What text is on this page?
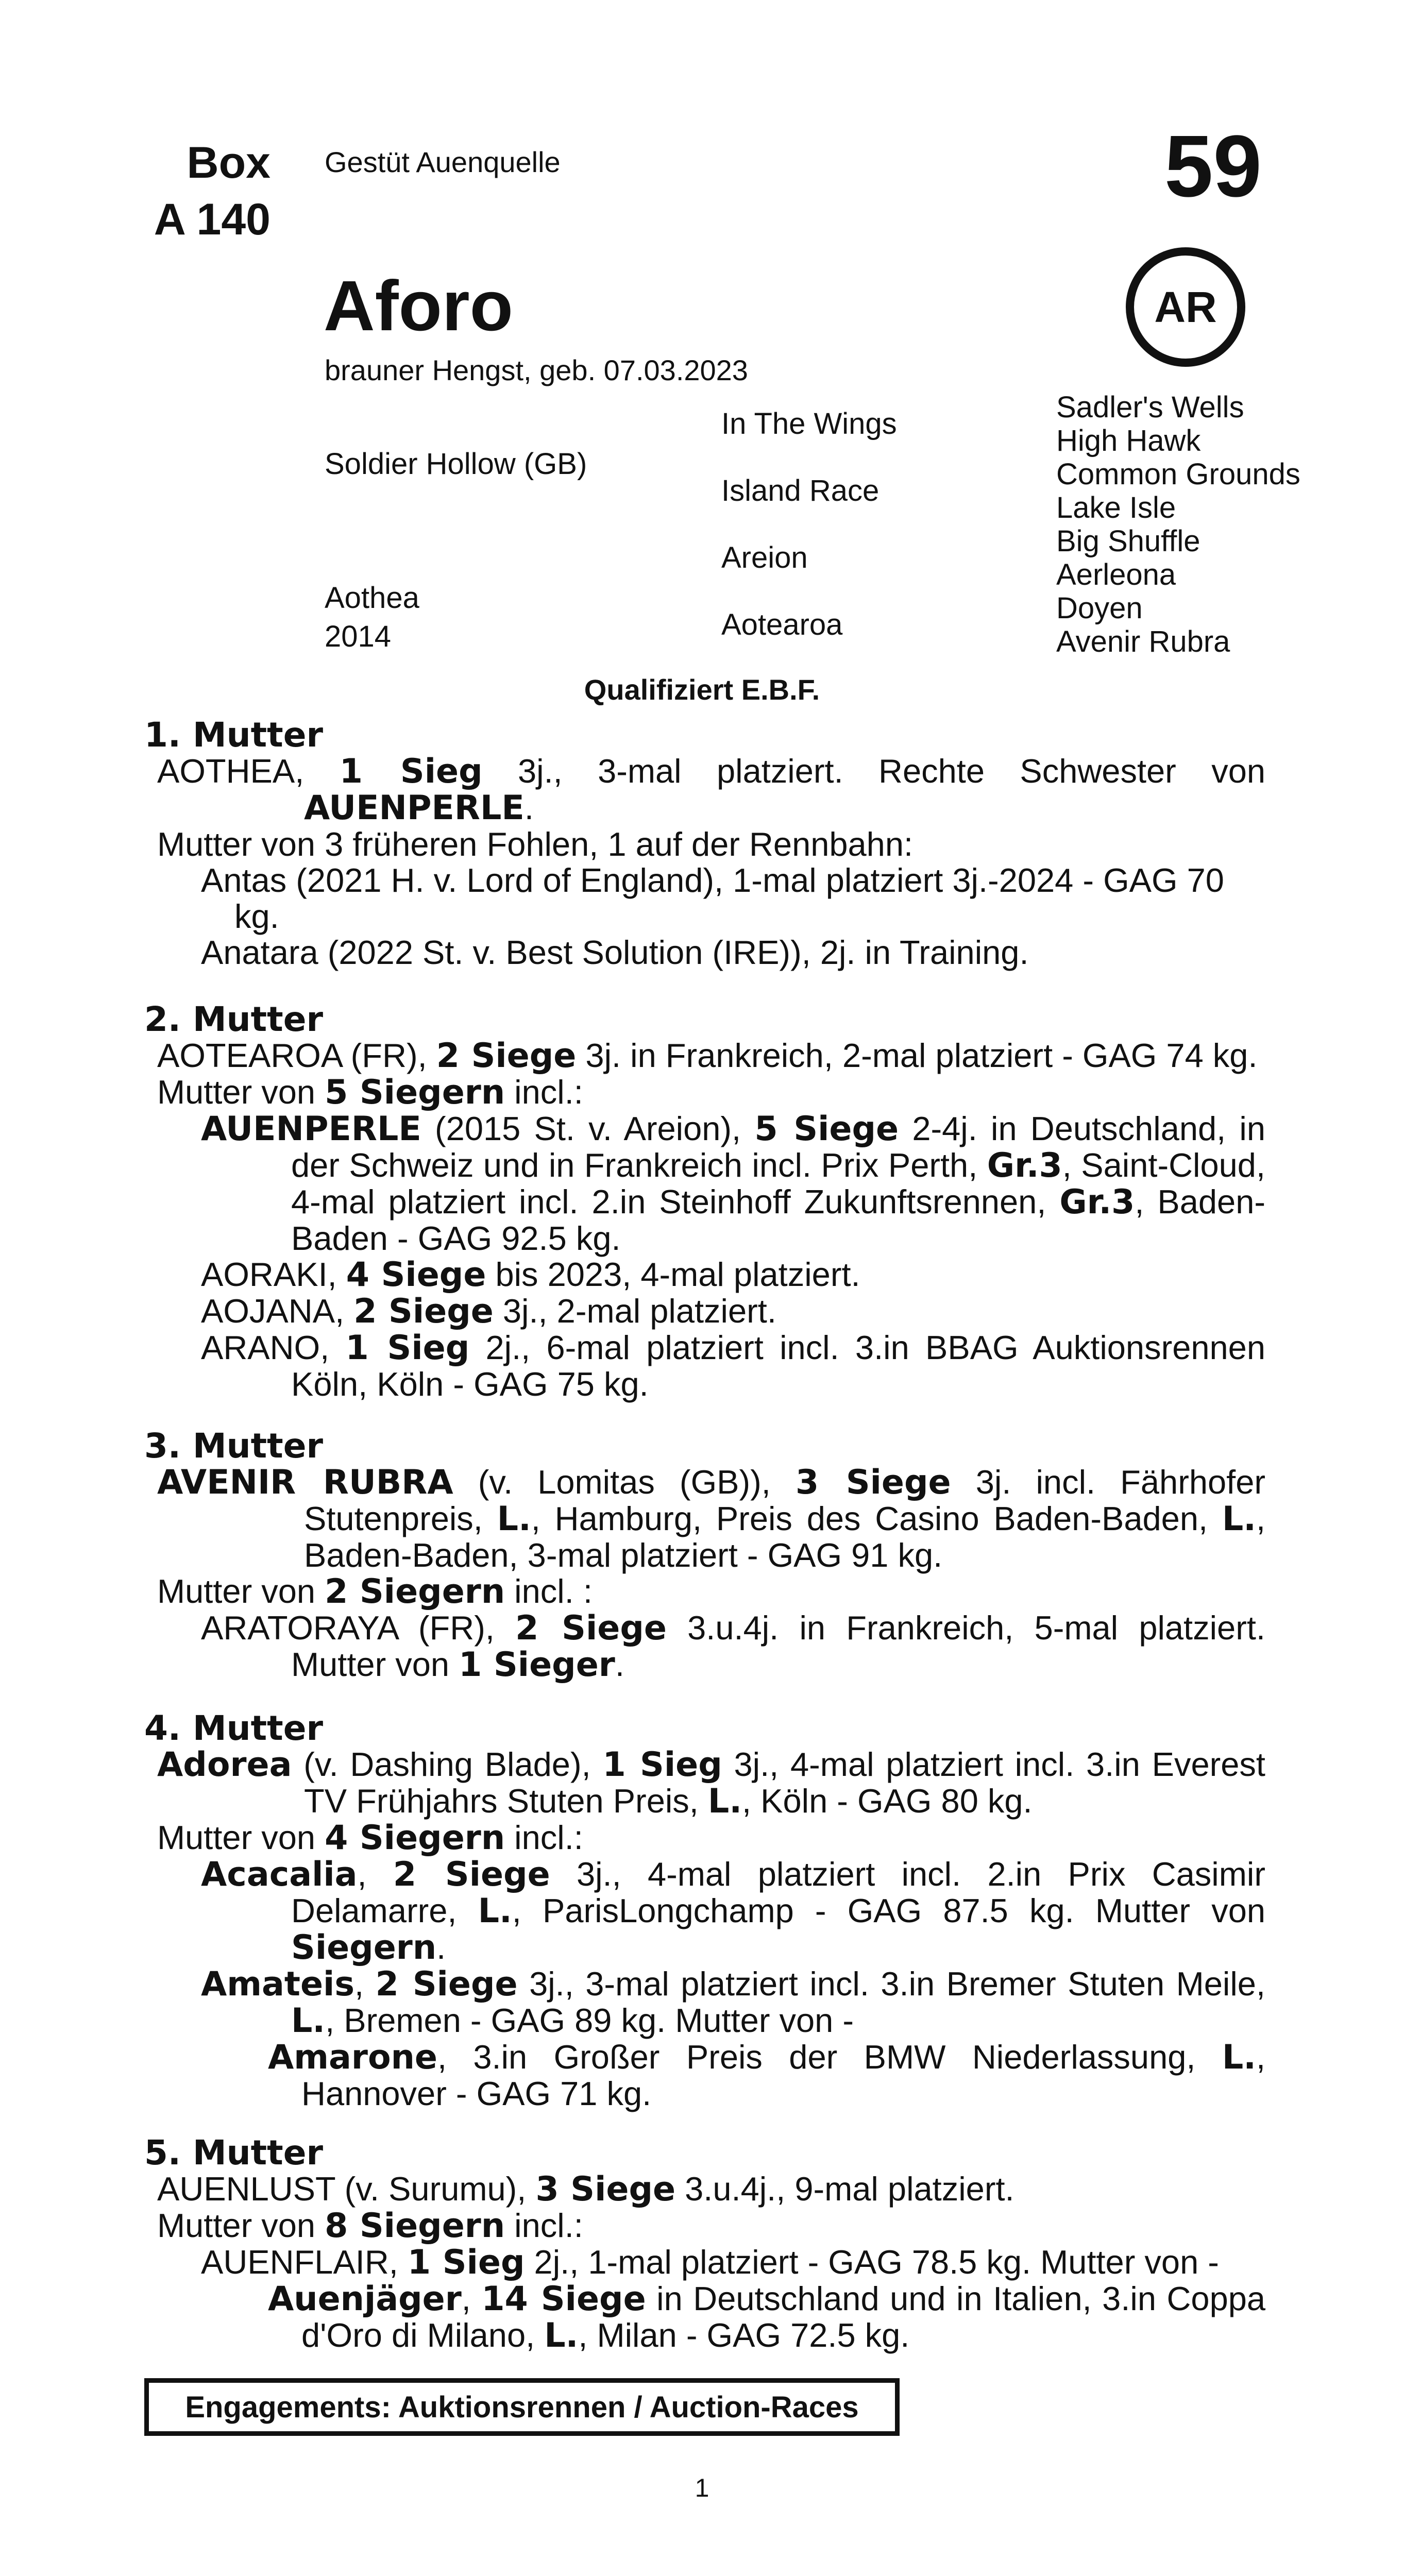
Box
A 140
Gestüt Auenquelle	59
Aforo	AR
brauner Hengst, geb. 07.03.2023
Soldier Hollow (GB)
Aothea
2014
In The Wings
Island Race
Areion
Aotearoa
Sadler's Wells
High Hawk
Common Grounds
Lake Isle
Big Shuffle
Aerleona
Doyen
Avenir Rubra
Qualifiziert E.B.F.
1. Mutter

AOTHEA, 1 Sieg 3j., 3-mal platziert. Rechte Schwester von AUENPERLE.

Mutter von 3 früheren Fohlen, 1 auf der Rennbahn:

Antas (2021 H. v. Lord of England), 1-mal platziert 3j.-2024 - GAG 70 kg.

Anatara (2022 St. v. Best Solution (IRE)), 2j. in Training.

2. Mutter

AOTEAROA (FR), 2 Siege 3j. in Frankreich, 2-mal platziert - GAG 74 kg.

Mutter von 5 Siegern incl.:

AUENPERLE (2015 St. v. Areion), 5 Siege 2-4j. in Deutschland, in der Schweiz und in Frankreich incl. Prix Perth, Gr.3, Saint-Cloud, 4-mal platziert incl. 2.in Steinhoff Zukunftsrennen, Gr.3, Baden-Baden - GAG 92.5 kg.

AORAKI, 4 Siege bis 2023, 4-mal platziert.

AOJANA, 2 Siege 3j., 2-mal platziert.

ARANO, 1 Sieg 2j., 6-mal platziert incl. 3.in BBAG Auktionsrennen Köln, Köln - GAG 75 kg.

3. Mutter

AVENIR RUBRA (v. Lomitas (GB)), 3 Siege 3j. incl. Fährhofer Stutenpreis, L., Hamburg, Preis des Casino Baden-Baden, L., Baden-Baden, 3-mal platziert - GAG 91 kg.

Mutter von 2 Siegern incl. :

ARATORAYA (FR), 2 Siege 3.u.4j. in Frankreich, 5-mal platziert. Mutter von 1 Sieger.

4. Mutter

Adorea (v. Dashing Blade), 1 Sieg 3j., 4-mal platziert incl. 3.in Everest TV Frühjahrs Stuten Preis, L., Köln - GAG 80 kg.

Mutter von 4 Siegern incl.:

Acacalia, 2 Siege 3j., 4-mal platziert incl. 2.in Prix Casimir Delamarre, L., ParisLongchamp - GAG 87.5 kg. Mutter von Siegern.

Amateis, 2 Siege 3j., 3-mal platziert incl. 3.in Bremer Stuten Meile, L., Bremen - GAG 89 kg. Mutter von -

Amarone, 3.in Großer Preis der BMW Niederlassung, L., Hannover - GAG 71 kg.

5. Mutter

AUENLUST (v. Surumu), 3 Siege 3.u.4j., 9-mal platziert.

Mutter von 8 Siegern incl.:

AUENFLAIR, 1 Sieg 2j., 1-mal platziert - GAG 78.5 kg. Mutter von -

Auenjäger, 14 Siege in Deutschland und in Italien, 3.in Coppa d'Oro di Milano, L., Milan - GAG 72.5 kg.

Engagements: Auktionsrennen / Auction-Races
1
